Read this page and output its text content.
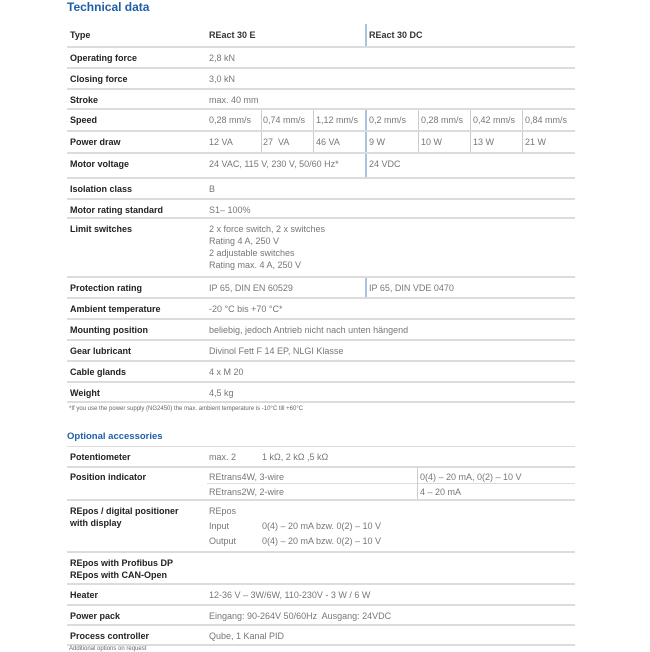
Technical data
Type	REact 30 E	REact 30 DC
Operating force	2,8 kN
Closing force	3,0 kN
Stroke	max. 40 mm
Speed	0,28 mm/s 0,74 mm/s 1,12 mm/s 0,2 mm/s 0,28 mm/s 0,42 mm/s 0,84 mm/s
Power draw	12 VA	27  VA	46 VA	9 W	10 W	13 W	21 W
Motor voltage	24 VAC, 115 V, 230 V, 50/60 Hz*	24 VDC
Isolation class	B
Motor rating standard	S1– 100%
Limit switches	2 x force switch, 2 x switches
Rating 4 A, 250 V
2 adjustable switches
Rating max. 4 A, 250 V
Protection rating	IP 65, DIN EN 60529	IP 65, DIN VDE 0470
Ambient temperature	-20 °C bis +70 °C*
Mounting position	beliebig, jedoch Antrieb nicht nach unten hängend
Gear lubricant	Divinol Fett F 14 EP, NLGI Klasse
Cable glands	4 x M 20
Weight	4,5 kg
*If you use the power supply (NG2450) the max. ambient temperature is -10°C till +60°C
Optional accessories
Potentiometer	max. 2	1 kΩ, 2 kΩ ,5 kΩ
Position indicator	REtrans4W, 3-wire	0(4) – 20 mA, 0(2) – 10 V
REtrans2W, 2-wire	4 – 20 mA
REpos / digital positioner
with display
REpos
Input	0(4) – 20 mA bzw. 0(2) – 10 V
Output	0(4) – 20 mA bzw. 0(2) – 10 V
REpos with Profibus DP
REpos with CAN-Open
Heater	12-36 V – 3W/6W, 110-230V - 3 W / 6 W
Power pack	Eingang: 90-264V 50/60Hz  Ausgang: 24VDC
Process controller	Qube, 1 Kanal PID
Additional options on request
